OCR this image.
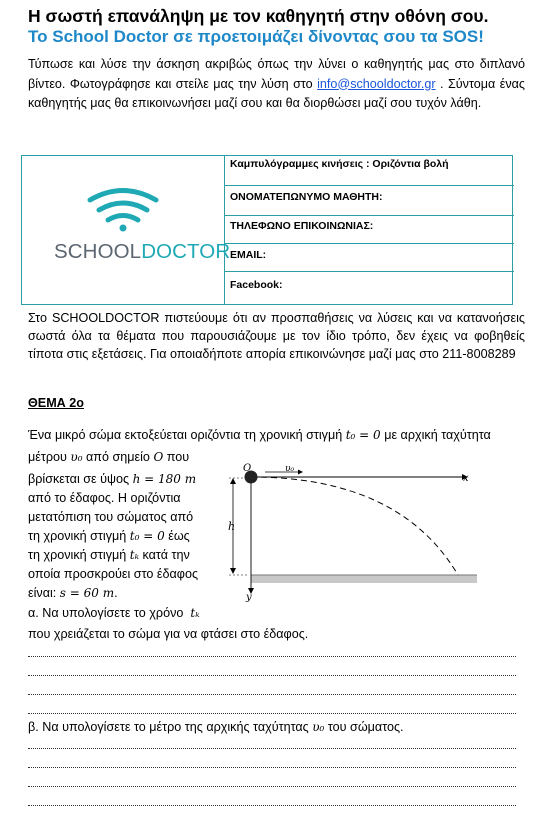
Η σωστή επανάληψη με τον καθηγητή στην οθόνη σου.
Το School Doctor σε προετοιμάζει δίνοντας σου τα SOS!
Τύπωσε και λύσε την άσκηση ακριβώς όπως την λύνει ο καθηγητής μας στο διπλανό βίντεο. Φωτογράφησε και στείλε μας την λύση στο info@schooldoctor.gr . Σύντομα ένας καθηγητής μας θα επικοινωνήσει μαζί σου και θα διορθώσει μαζί σου τυχόν λάθη.
SCHOOLDOCTOR
Καμπυλόγραμμες κινήσεις : Οριζόντια βολή
ΟΝΟΜΑΤΕΠΩΝΥΜΟ ΜΑΘΗΤΗ:
ΤΗΛΕΦΩΝΟ ΕΠΙΚΟΙΝΩΝΙΑΣ:
EMAIL:
Facebook:
Στο SCHOOLDOCTOR πιστεύουμε ότι αν προσπαθήσεις να λύσεις και να κατανοήσεις σωστά όλα τα θέματα που παρουσιάζουμε με τον ίδιο τρόπο, δεν έχεις να φοβηθείς τίποτα στις εξετάσεις. Για οποιαδήποτε απορία επικοινώνησε μαζί μας στο 211-8008289
ΘΕΜΑ 2ο
Ένα μικρό σώμα εκτοξεύεται οριζόντια τη χρονική στιγμή t₀ = 0 με αρχική ταχύτητα
μέτρου υ₀ από σημείο O που
βρίσκεται σε ύψος h = 180 m
από το έδαφος. Η οριζόντια
μετατόπιση του σώματος από
τη χρονική στιγμή t₀ = 0 έως
τη χρονική στιγμή tₖ κατά την
οποία προσκρούει στο έδαφος
είναι: s = 60 m.
O	υ₀
x
y
h
α. Να υπολογίσετε το χρόνο tₖ
που χρειάζεται το σώμα για να φτάσει στο έδαφος.
β. Να υπολογίσετε το μέτρο της αρχικής ταχύτητας υ₀ του σώματος.
